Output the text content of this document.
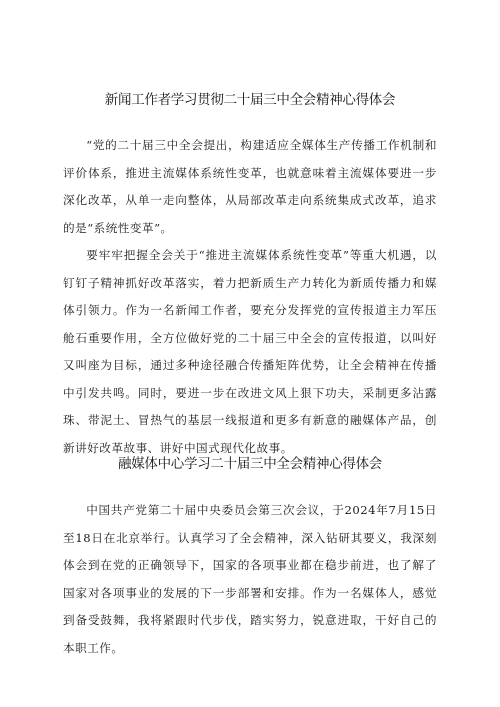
新闻工作者学习贯彻二十届三中全会精神心得体会

“党的二十届三中全会提出，构建适应全媒体生产传播工作机制和评价体系，推进主流媒体系统性变革，也就意味着主流媒体要进一步深化改革，从单一走向整体，从局部改革走向系统集成式改革，追求的是“系统性变革”。

要牢牢把握全会关于“推进主流媒体系统性变革”等重大机遇，以钉钉子精神抓好改革落实，着力把新质生产力转化为新质传播力和媒体引领力。作为一名新闻工作者，要充分发挥党的宣传报道主力军压舱石重要作用，全方位做好党的二十届三中全会的宣传报道，以叫好又叫座为目标，通过多种途径融合传播矩阵优势，让全会精神在传播中引发共鸣。同时，要进一步在改进文风上狠下功夫，采制更多沾露珠、带泥土、冒热气的基层一线报道和更多有新意的融媒体产品，创新讲好改革故事、讲好中国式现代化故事。

融媒体中心学习二十届三中全会精神心得体会

中国共产党第二十届中央委员会第三次会议，于2024年7月15日至18日在北京举行。认真学习了全会精神，深入钻研其要义，我深刻体会到在党的正确领导下，国家的各项事业都在稳步前进，也了解了国家对各项事业的发展的下一步部署和安排。作为一名媒体人，感觉到备受鼓舞，我将紧跟时代步伐，踏实努力，锐意进取，干好自己的本职工作。
